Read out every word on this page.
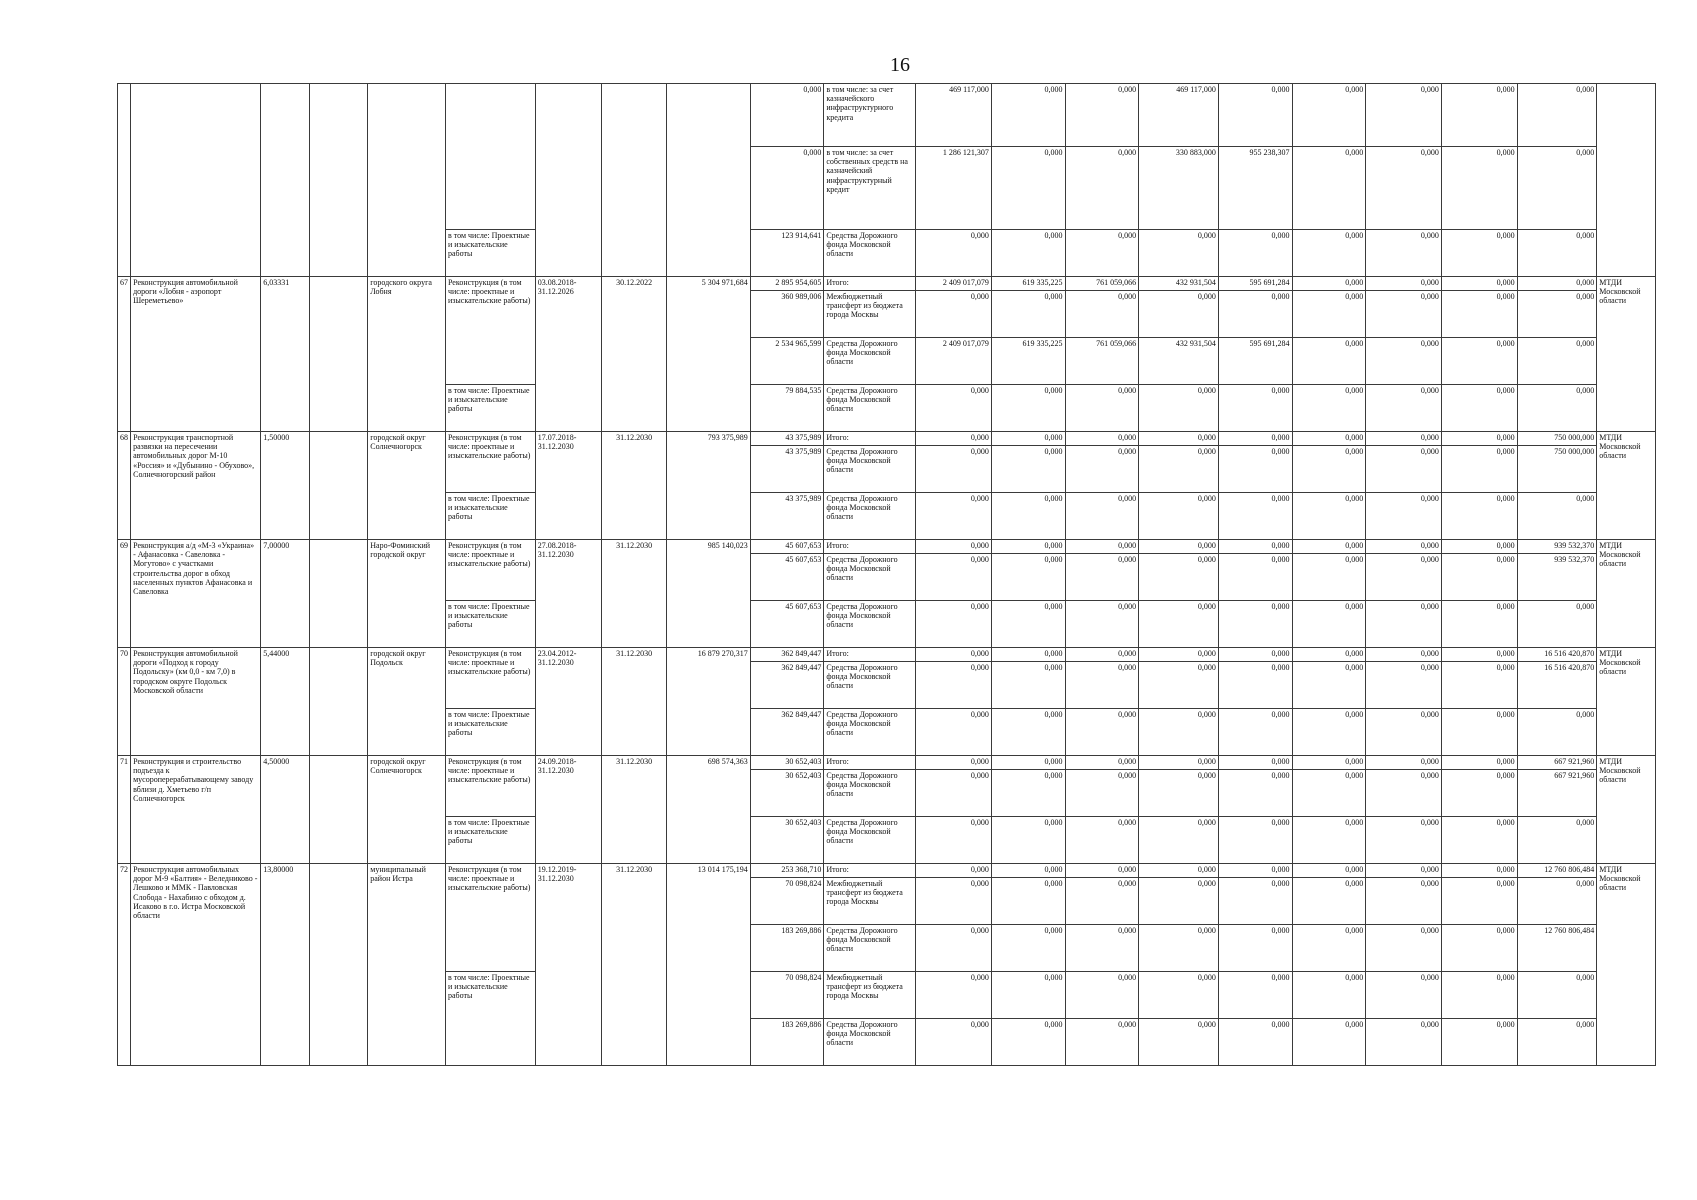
16
									0,000	в том числе: за счет казначейского инфраструктурного кредита	469 117,000	0,000	0,000	469 117,000	0,000	0,000	0,000	0,000	0,000	
									0,000	в том числе: за счет собственных средств на казначейский инфраструктурный кредит	1 286 121,307	0,000	0,000	330 883,000	955 238,307	0,000	0,000	0,000	0,000	
					в том числе: Проектные и изыскательские работы				123 914,641	Средства Дорожного фонда Московской области	0,000	0,000	0,000	0,000	0,000	0,000	0,000	0,000	0,000	
67	Реконструкция автомобильной дороги «Лобня - аэропорт Шереметьево»	6,03331		городского округа Лобня	Реконструкция (в том числе: проектные и изыскательские работы)	03.08.2018-31.12.2026	30.12.2022	5 304 971,684	2 895 954,605	Итого:	2 409 017,079	619 335,225	761 059,066	432 931,504	595 691,284	0,000	0,000	0,000	0,000	МТДИ Московской области
									360 989,006	Межбюджетный трансферт из бюджета города Москвы	0,000	0,000	0,000	0,000	0,000	0,000	0,000	0,000	0,000	
									2 534 965,599	Средства Дорожного фонда Московской области	2 409 017,079	619 335,225	761 059,066	432 931,504	595 691,284	0,000	0,000	0,000	0,000	
					в том числе: Проектные и изыскательские работы				79 884,535	Средства Дорожного фонда Московской области	0,000	0,000	0,000	0,000	0,000	0,000	0,000	0,000	0,000	
68	Реконструкция транспортной развязки на пересечении автомобильных дорог М-10 «Россия» и «Дубынино - Обухово», Солнечногорский район	1,50000		городской округ Солнечногорск	Реконструкция (в том числе: проектные и изыскательские работы)	17.07.2018-31.12.2030	31.12.2030	793 375,989	43 375,989	Итого:	0,000	0,000	0,000	0,000	0,000	0,000	0,000	0,000	750 000,000	МТДИ Московской области
									43 375,989	Средства Дорожного фонда Московской области	0,000	0,000	0,000	0,000	0,000	0,000	0,000	0,000	750 000,000	
					в том числе: Проектные и изыскательские работы				43 375,989	Средства Дорожного фонда Московской области	0,000	0,000	0,000	0,000	0,000	0,000	0,000	0,000	0,000	
69	Реконструкция а/д «М-3 «Украина» - Афанасовка - Савеловка - Могутово» с участками строительства дорог в обход населенных пунктов Афанасовка и Савеловка	7,00000		Наро-Фоминский городской округ	Реконструкция (в том числе: проектные и изыскательские работы)	27.08.2018-31.12.2030	31.12.2030	985 140,023	45 607,653	Итого:	0,000	0,000	0,000	0,000	0,000	0,000	0,000	0,000	939 532,370	МТДИ Московской области
									45 607,653	Средства Дорожного фонда Московской области	0,000	0,000	0,000	0,000	0,000	0,000	0,000	0,000	939 532,370	
					в том числе: Проектные и изыскательские работы				45 607,653	Средства Дорожного фонда Московской области	0,000	0,000	0,000	0,000	0,000	0,000	0,000	0,000	0,000	
70	Реконструкция автомобильной дороги «Подход к городу Подольску» (км 0,0 - км 7,0) в городском округе Подольск Московской области	5,44000		городской округ Подольск	Реконструкция (в том числе: проектные и изыскательские работы)	23.04.2012-31.12.2030	31.12.2030	16 879 270,317	362 849,447	Итого:	0,000	0,000	0,000	0,000	0,000	0,000	0,000	0,000	16 516 420,870	МТДИ Московской области
									362 849,447	Средства Дорожного фонда Московской области	0,000	0,000	0,000	0,000	0,000	0,000	0,000	0,000	16 516 420,870	
					в том числе: Проектные и изыскательские работы				362 849,447	Средства Дорожного фонда Московской области	0,000	0,000	0,000	0,000	0,000	0,000	0,000	0,000	0,000	
71	Реконструкция и строительство подъезда к мусороперерабатывающему заводу вблизи д. Хметьево г/п Солнечногорск	4,50000		городской округ Солнечногорск	Реконструкция (в том числе: проектные и изыскательские работы)	24.09.2018-31.12.2030	31.12.2030	698 574,363	30 652,403	Итого:	0,000	0,000	0,000	0,000	0,000	0,000	0,000	0,000	667 921,960	МТДИ Московской области
									30 652,403	Средства Дорожного фонда Московской области	0,000	0,000	0,000	0,000	0,000	0,000	0,000	0,000	667 921,960	
					в том числе: Проектные и изыскательские работы				30 652,403	Средства Дорожного фонда Московской области	0,000	0,000	0,000	0,000	0,000	0,000	0,000	0,000	0,000	
72	Реконструкция автомобильных дорог М-9 «Балтия» - Веледниково - Лешково и ММК - Павловская Слобода - Нахабино с обходом д. Исаково в г.о. Истра Московской области	13,80000		муниципальный район Истра	Реконструкция (в том числе: проектные и изыскательские работы)	19.12.2019-31.12.2030	31.12.2030	13 014 175,194	253 368,710	Итого:	0,000	0,000	0,000	0,000	0,000	0,000	0,000	0,000	12 760 806,484	МТДИ Московской области
									70 098,824	Межбюджетный трансферт из бюджета города Москвы	0,000	0,000	0,000	0,000	0,000	0,000	0,000	0,000	0,000	
									183 269,886	Средства Дорожного фонда Московской области	0,000	0,000	0,000	0,000	0,000	0,000	0,000	0,000	12 760 806,484	
					в том числе: Проектные и изыскательские работы				70 098,824	Межбюджетный трансферт из бюджета города Москвы	0,000	0,000	0,000	0,000	0,000	0,000	0,000	0,000	0,000	
									183 269,886	Средства Дорожного фонда Московской области	0,000	0,000	0,000	0,000	0,000	0,000	0,000	0,000	0,000	
